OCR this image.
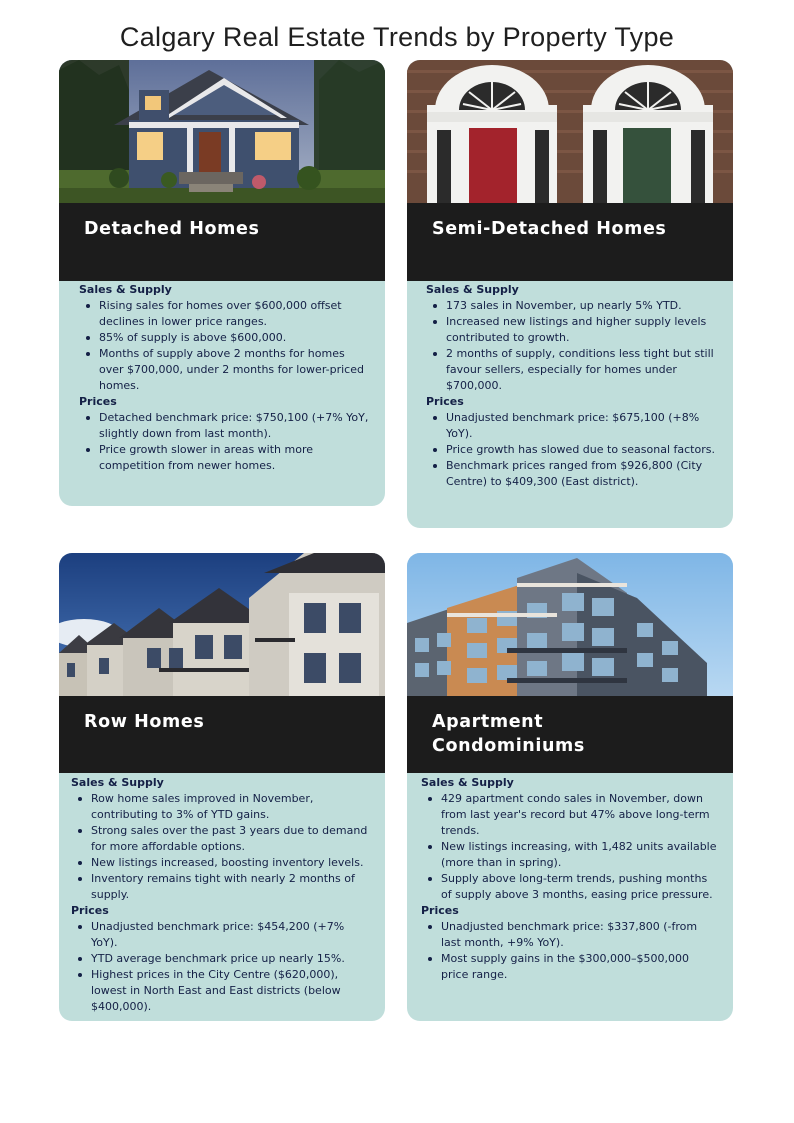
Calgary Real Estate Trends by Property Type
Detached Homes

Sales & Supply

Rising sales for homes over $600,000 offset declines in lower price ranges.
85% of supply is above $600,000.
Months of supply above 2 months for homes over $700,000, under 2 months for lower-priced homes.

Prices

Detached benchmark price: $750,100 (+7% YoY, slightly down from last month).
Price growth slower in areas with more competition from newer homes.
Semi-Detached Homes

Sales & Supply

173 sales in November, up nearly 5% YTD.
Increased new listings and higher supply levels contributed to growth.
2 months of supply, conditions less tight but still favour sellers, especially for homes under $700,000.

Prices

Unadjusted benchmark price: $675,100 (+8% YoY).
Price growth has slowed due to seasonal factors.
Benchmark prices ranged from $926,800 (City Centre) to $409,300 (East district).
Row Homes

Sales & Supply

Row home sales improved in November, contributing to 3% of YTD gains.
Strong sales over the past 3 years due to demand for more affordable options.
New listings increased, boosting inventory levels.
Inventory remains tight with nearly 2 months of supply.

Prices

Unadjusted benchmark price: $454,200 (+7% YoY).
YTD average benchmark price up nearly 15%.
Highest prices in the City Centre ($620,000), lowest in North East and East districts (below $400,000).
Apartment Condominiums

Sales & Supply

429 apartment condo sales in November, down from last year's record but 47% above long-term trends.
New listings increasing, with 1,482 units available (more than in spring).
Supply above long-term trends, pushing months of supply above 3 months, easing price pressure.

Prices

Unadjusted benchmark price: $337,800 (-from last month, +9% YoY).
Most supply gains in the $300,000–$500,000 price range.
